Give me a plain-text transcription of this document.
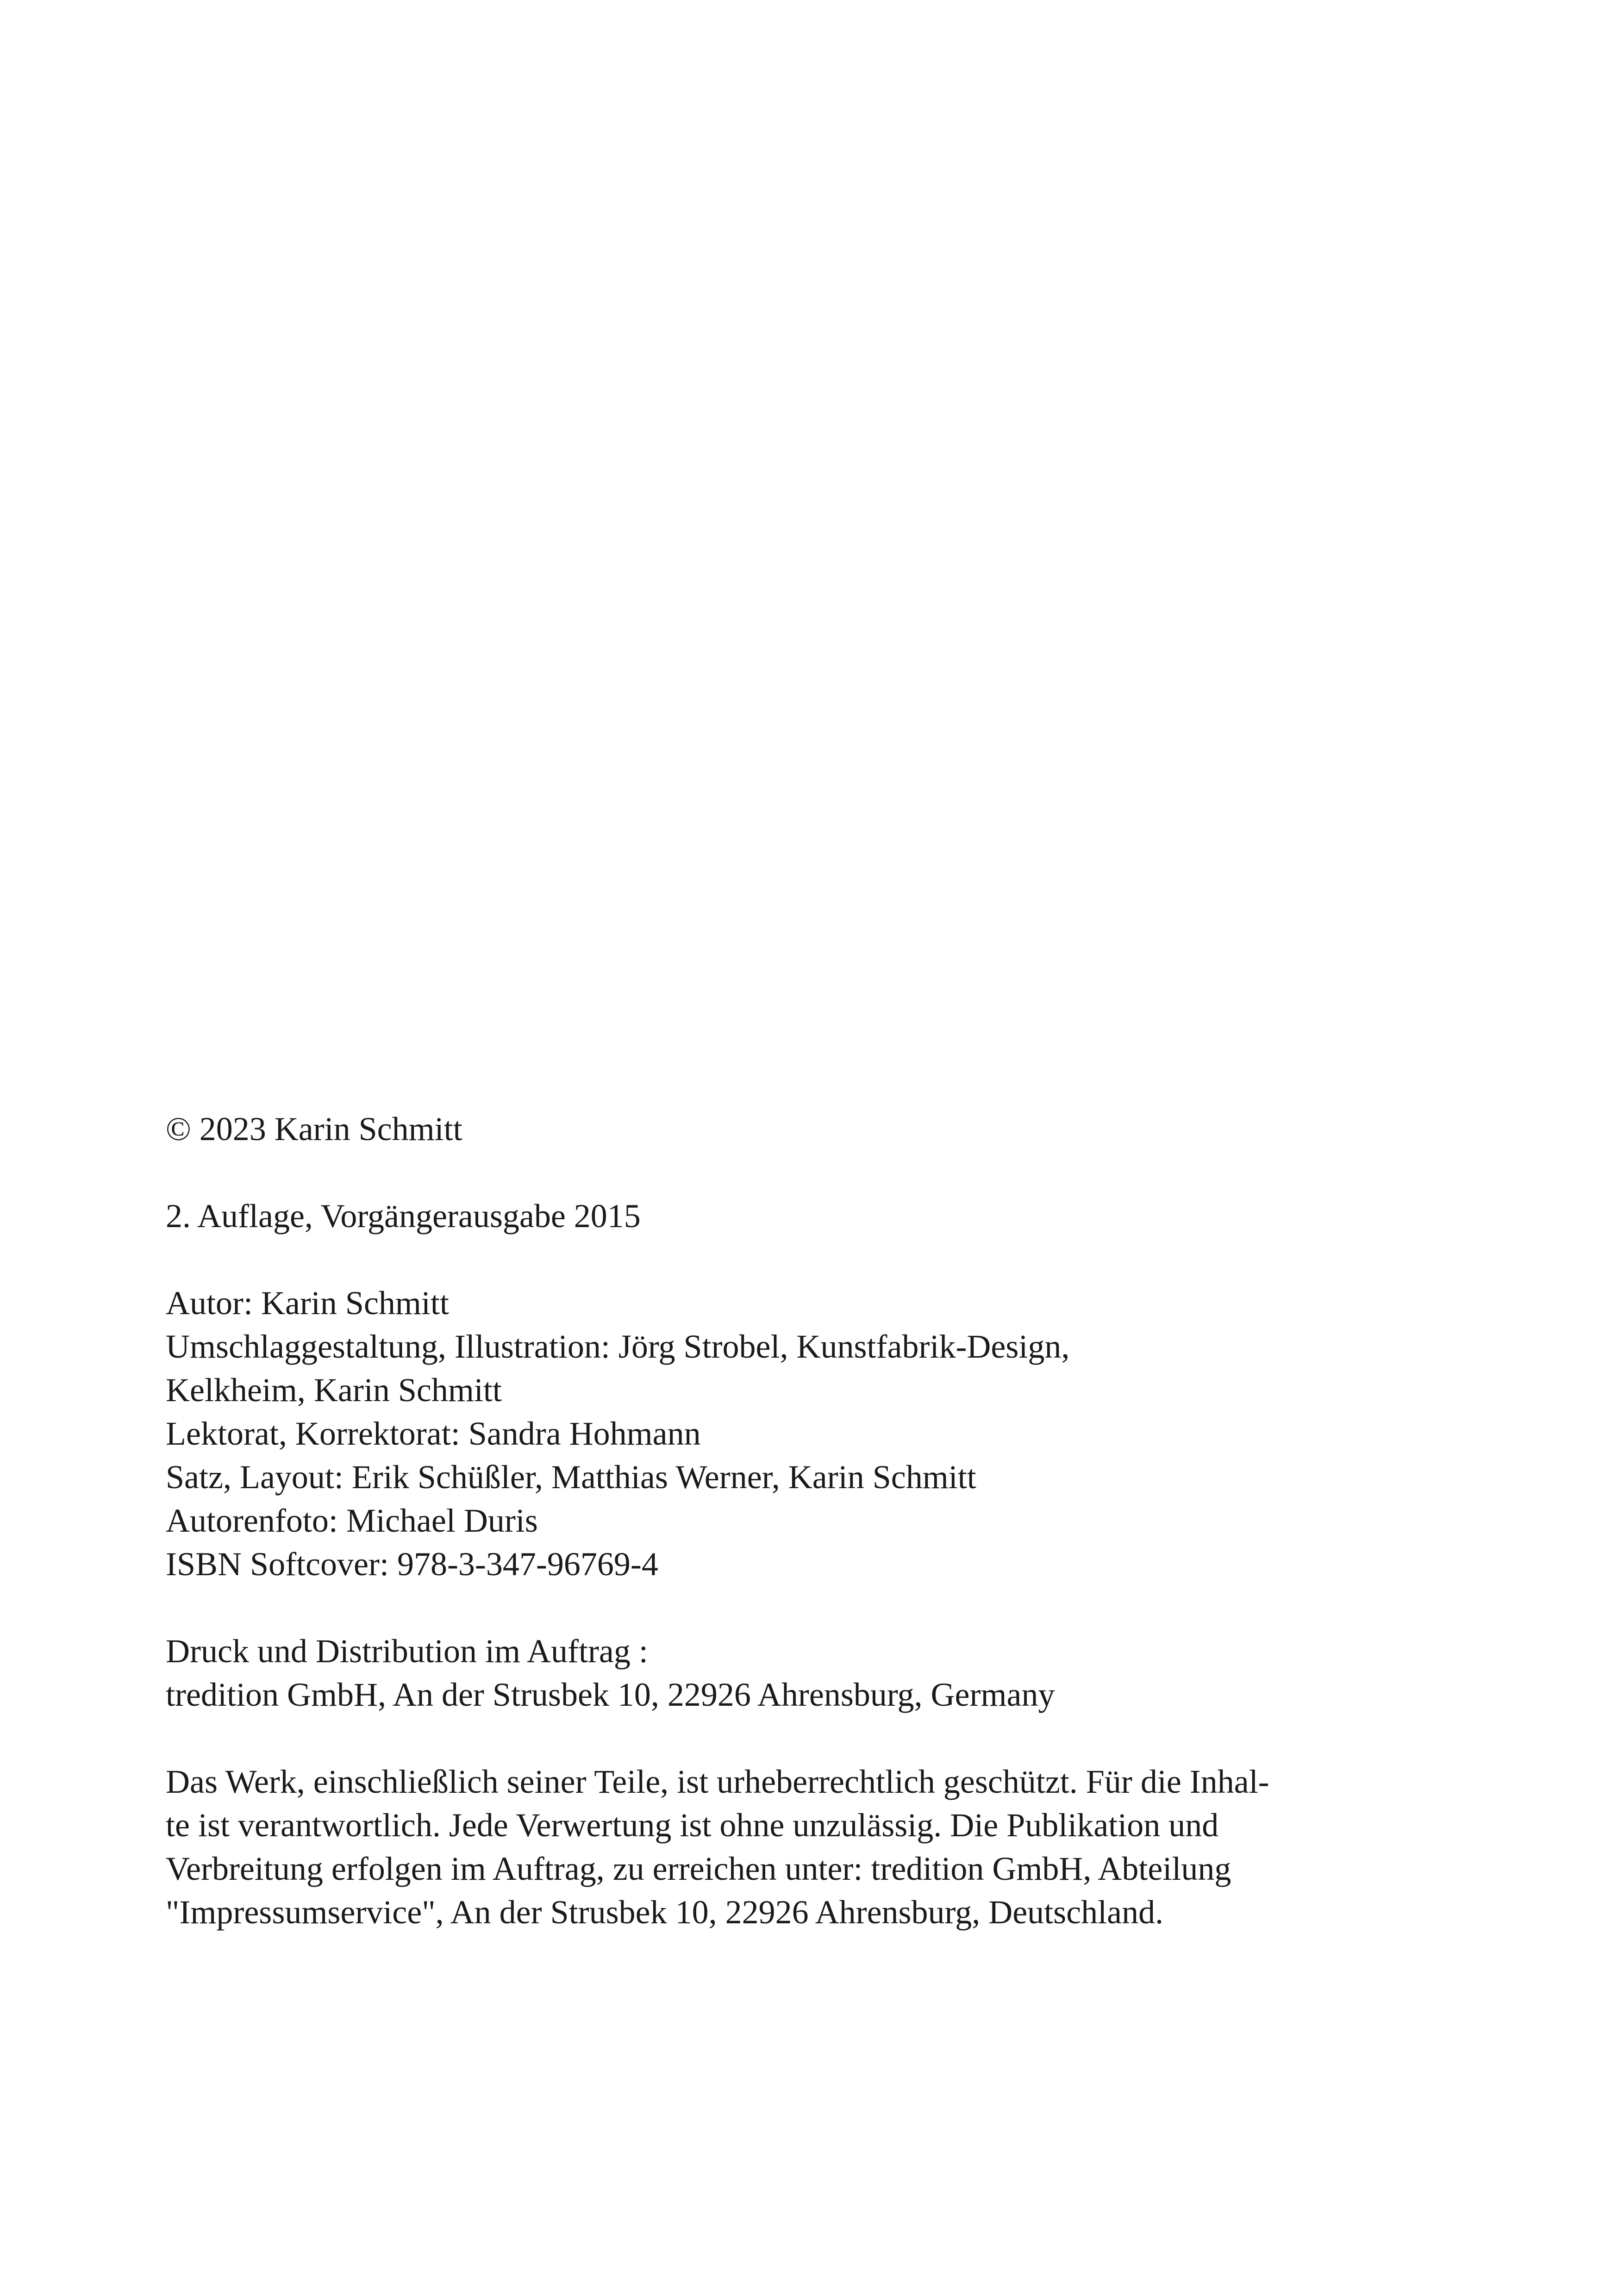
© 2023 Karin Schmitt
2. Auflage, Vorgängerausgabe 2015
Autor: Karin Schmitt
Umschlaggestaltung, Illustration: Jörg Strobel, Kunstfabrik-Design,
Kelkheim, Karin Schmitt
Lektorat, Korrektorat: Sandra Hohmann
Satz, Layout: Erik Schüßler, Matthias Werner, Karin Schmitt
Autorenfoto: Michael Duris
ISBN Softcover: 978-3-347-96769-4
Druck und Distribution im Auftrag :
tredition GmbH, An der Strusbek 10, 22926 Ahrensburg, Germany
Das Werk, einschließlich seiner Teile, ist urheberrechtlich geschützt. Für die Inhal-
te ist verantwortlich. Jede Verwertung ist ohne unzulässig. Die Publikation und
Verbreitung erfolgen im Auftrag, zu erreichen unter: tredition GmbH, Abteilung
"Impressumservice", An der Strusbek 10, 22926 Ahrensburg, Deutschland.
